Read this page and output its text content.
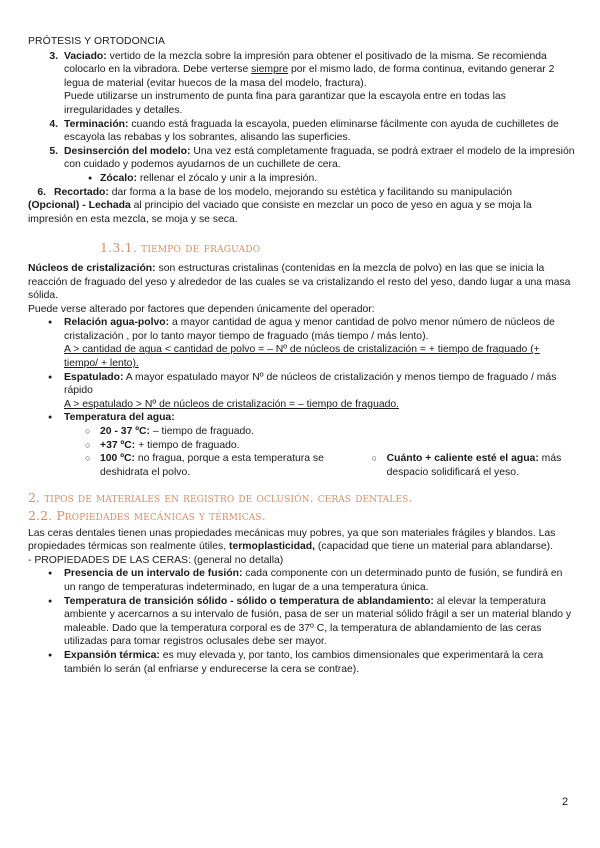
PRÓTESIS Y ORTODONCIA
3. Vaciado: vertido de la mezcla sobre la impresión para obtener el positivado de la misma. Se recomienda colocarlo en la vibradora. Debe verterse siempre por el mismo lado, de forma continua, evitando generar 2 legua de material (evitar huecos de la masa del modelo, fractura).

Puede utilizarse un instrumento de punta fina para garantizar que la escayola entre en todas las irregularidades y detalles.

4. Terminación: cuando está fraguada la escayola, pueden eliminarse fácilmente con ayuda de cuchilletes de escayola las rebabas y los sobrantes, alisando las superficies.

5. Desinserción del modelo: Una vez está completamente fraguada, se podrá extraer el modelo de la impresión con cuidado y podemos ayudarnos de un cuchillete de cera.

● Zócalo: rellenar el zócalo y unir a la impresión.
6. Recortado: dar forma a la base de los modelo, mejorando su estética y facilitando su manipulación

(Opcional) - Lechada al principio del vaciado que consiste en mezclar un poco de yeso en agua y se moja la impresión en esta mezcla, se moja y se seca.

1.3.1. tiempo de fraguado

Núcleos de cristalización: son estructuras cristalinas (contenidas en la mezcla de polvo) en las que se inicia la reacción de fraguado del yeso y alrededor de las cuales se va cristalizando el resto del yeso, dando lugar a una masa sólida.

Puede verse alterado por factores que dependen únicamente del operador:

● Relación agua-polvo: a mayor cantidad de agua y menor cantidad de polvo menor número de núcleos de cristalización , por lo tanto mayor tiempo de fraguado (más tiempo / más lento).
A > cantidad de agua < cantidad de polvo = – Nº de núcleos de cristalización = + tiempo de fraguado (+ tiempo/ + lento).
● Espatulado: A mayor espatulado mayor Nº de núcleos de cristalización y menos tiempo de fraguado / más rápido
A > espatulado > Nº de núcleos de cristalización = – tiempo de fraguado.
● Temperatura del agua:
○ 20 - 37 ºC: – tiempo de fraguado.
○ +37 ºC: + tiempo de fraguado.
○ 100 ºC: no fragua, porque a esta temperatura se deshidrata el polvo.
○ Cuánto + caliente esté el agua: más despacio solidificará el yeso.
2. tipos de materiales en registro de oclusión. ceras dentales.
2.2. Propiedades mecánicas y térmicas.

Las ceras dentales tienen unas propiedades mecánicas muy pobres, ya que son materiales frágiles y blandos. Las propiedades térmicas son realmente útiles, termoplasticidad, (capacidad que tiene un material para ablandarse).

- PROPIEDADES DE LAS CERAS: (general no detalla)

● Presencia de un intervalo de fusión: cada componente con un determinado punto de fusión, se fundirá en un rango de temperaturas indeterminado, en lugar de a una temperatura única.
● Temperatura de transición sólido - sólido o temperatura de ablandamiento: al elevar la temperatura ambiente y acercarnos a su intervalo de fusión, pasa de ser un material sólido frágil a ser un material blando y maleable. Dado que la temperatura corporal es de 37º C, la temperatura de ablandamiento de las ceras utilizadas para tomar registros oclusales debe ser mayor.
● Expansión térmica: es muy elevada y, por tanto, los cambios dimensionales que experimentará la cera también lo serán (al enfriarse y endurecerse la cera se contrae).
2
